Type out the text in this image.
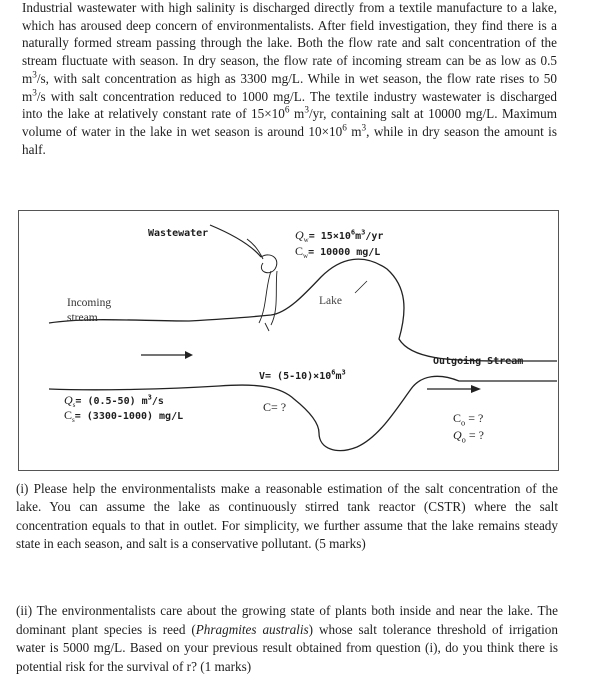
Industrial wastewater with high salinity is discharged directly from a textile manufacture to a lake, which has aroused deep concern of environmentalists. After field investigation, they find there is a naturally formed stream passing through the lake. Both the flow rate and salt concentration of the stream fluctuate with season. In dry season, the flow rate of incoming stream can be as low as 0.5 $m^3/s$, with salt concentration as high as 3300 mg/L. While in wet season, the flow rate rises to 50 $m^3/s$ with salt concentration reduced to 1000 mg/L. The textile industry wastewater is discharged into the lake at relatively constant rate of $15\times 10^6$ $m^3/yr$, containing salt at 10000 mg/L. Maximum volume of water in the lake in wet season is around $10\times 10^6$ $m^3$, while in dry season the amount is half.
Wastewater	$Q_w= 15\times 10^6m^3/yr$
$C_w= 10000$ mg/L
Lake
Incoming
stream
$V= (5-10)\times 10^6m^3$
Outgoing Stream
$Q_s= (0.5-50)$ $m^3/s$
$C_s= (3300-1000)$ mg/L
C= ?
$C_o$ = ?
$Q_o$ = ?
(i) Please help the environmentalists make a reasonable estimation of the salt concentration of the lake. You can assume the lake as continuously stirred tank reactor (CSTR) where the salt concentration equals to that in outlet. For simplicity, we further assume that the lake remains steady state in each season, and salt is a conservative pollutant. (5 marks)
(ii) The environmentalists care about the growing state of plants both inside and near the lake. The dominant plant species is reed (Phragmites australis) whose salt tolerance threshold of irrigation water is 5000 mg/L. Based on your previous result obtained from question (i), do you think there is potential risk for the survival of r? (1 marks)
